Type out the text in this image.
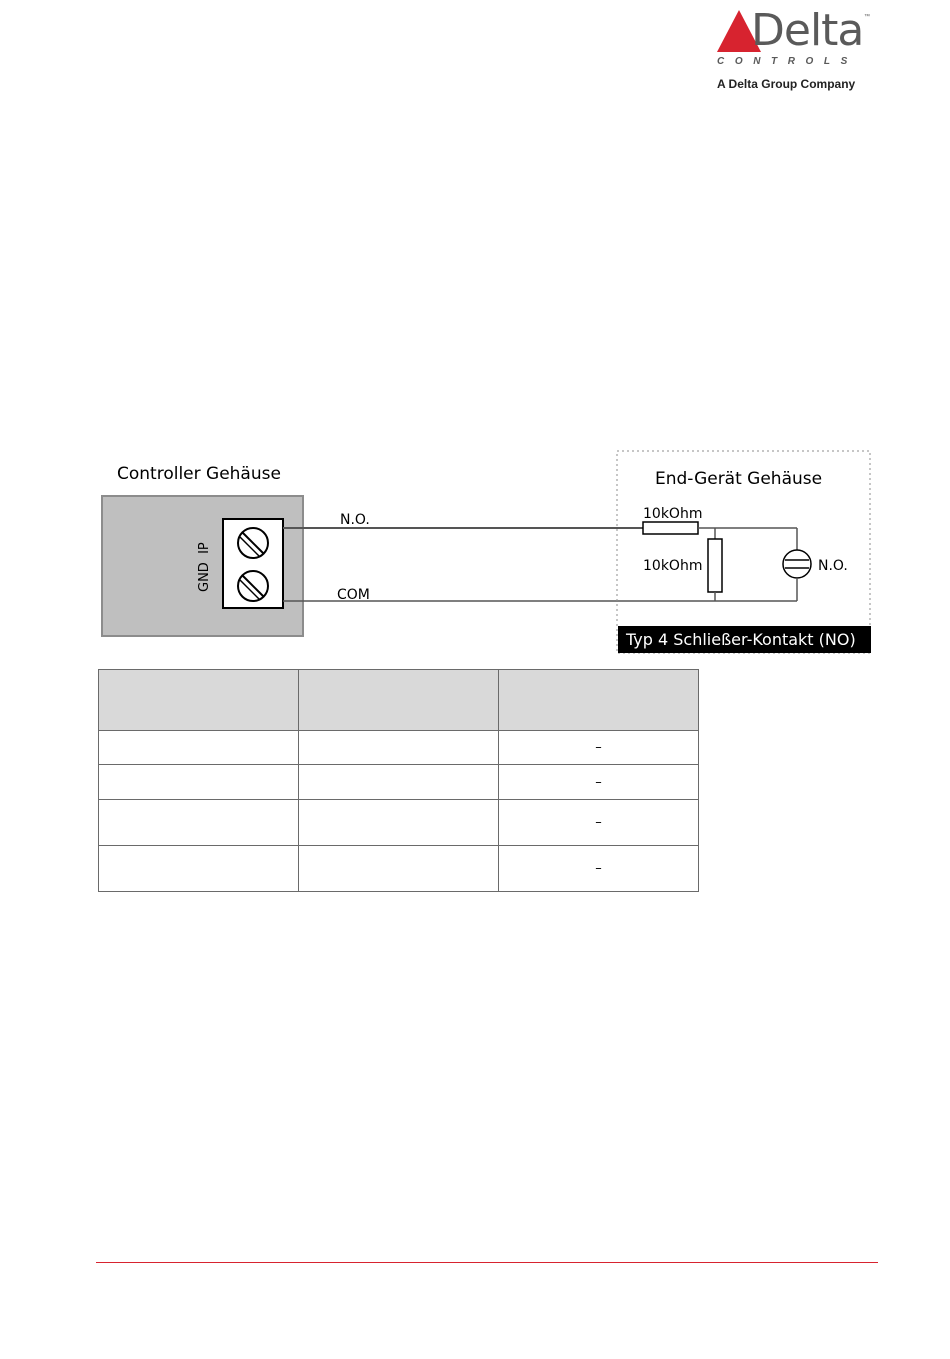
Delta ™
CONTROLS
A Delta Group Company
Controller Gehäuse
GND  IP
N.O.
COM
End-Gerät Gehäuse
10kOhm
10kOhm	N.O.
Typ 4 Schließer-Kontakt (NO)

		–
		–
		–
		–
